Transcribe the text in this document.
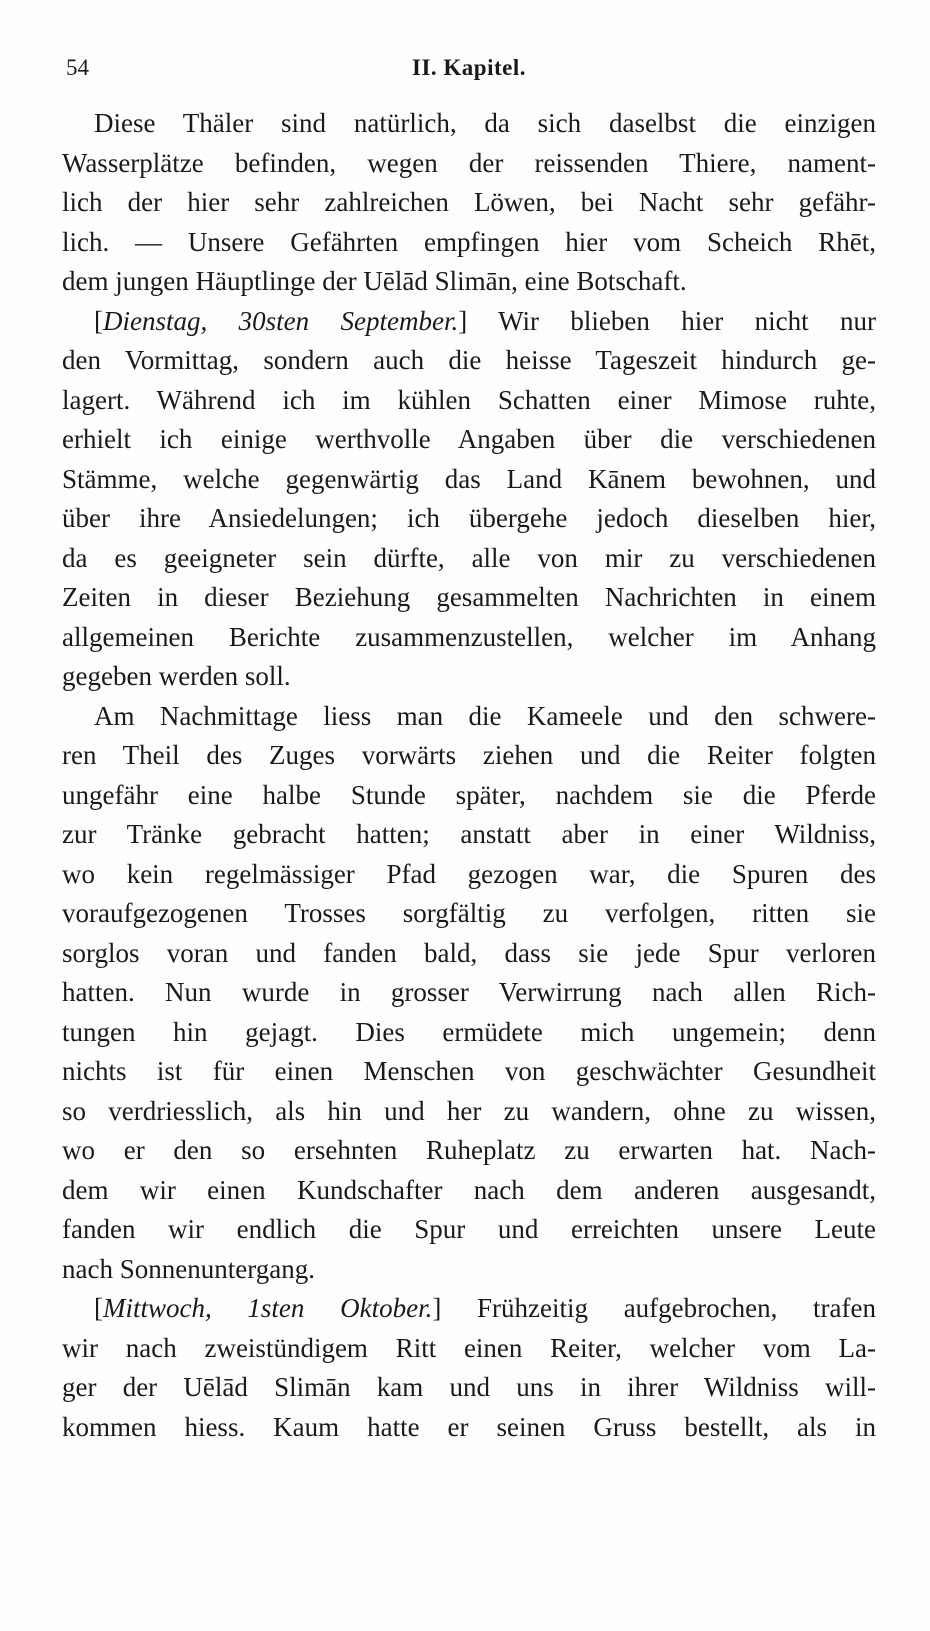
54	II. Kapitel.
Diese Thäler sind natürlich, da sich daselbst die einzigen
Wasserplätze befinden, wegen der reissenden Thiere, nament-
lich der hier sehr zahlreichen Löwen, bei Nacht sehr gefähr-
lich. — Unsere Gefährten empfingen hier vom Scheich Rhēt,
dem jungen Häuptlinge der Uēlād Slimān, eine Botschaft.
[Dienstag, 30sten September.] Wir blieben hier nicht nur
den Vormittag, sondern auch die heisse Tageszeit hindurch ge-
lagert. Während ich im kühlen Schatten einer Mimose ruhte,
erhielt ich einige werthvolle Angaben über die verschiedenen
Stämme, welche gegenwärtig das Land Kānem bewohnen, und
über ihre Ansiedelungen; ich übergehe jedoch dieselben hier,
da es geeigneter sein dürfte, alle von mir zu verschiedenen
Zeiten in dieser Beziehung gesammelten Nachrichten in einem
allgemeinen Berichte zusammenzustellen, welcher im Anhang
gegeben werden soll.
Am Nachmittage liess man die Kameele und den schwere-
ren Theil des Zuges vorwärts ziehen und die Reiter folgten
ungefähr eine halbe Stunde später, nachdem sie die Pferde
zur Tränke gebracht hatten; anstatt aber in einer Wildniss,
wo kein regelmässiger Pfad gezogen war, die Spuren des
voraufgezogenen Trosses sorgfältig zu verfolgen, ritten sie
sorglos voran und fanden bald, dass sie jede Spur verloren
hatten. Nun wurde in grosser Verwirrung nach allen Rich-
tungen hin gejagt. Dies ermüdete mich ungemein; denn
nichts ist für einen Menschen von geschwächter Gesundheit
so verdriesslich, als hin und her zu wandern, ohne zu wissen,
wo er den so ersehnten Ruheplatz zu erwarten hat. Nach-
dem wir einen Kundschafter nach dem anderen ausgesandt,
fanden wir endlich die Spur und erreichten unsere Leute
nach Sonnenuntergang.
[Mittwoch, 1sten Oktober.] Frühzeitig aufgebrochen, trafen
wir nach zweistündigem Ritt einen Reiter, welcher vom La-
ger der Uēlād Slimān kam und uns in ihrer Wildniss will-
kommen hiess. Kaum hatte er seinen Gruss bestellt, als in
